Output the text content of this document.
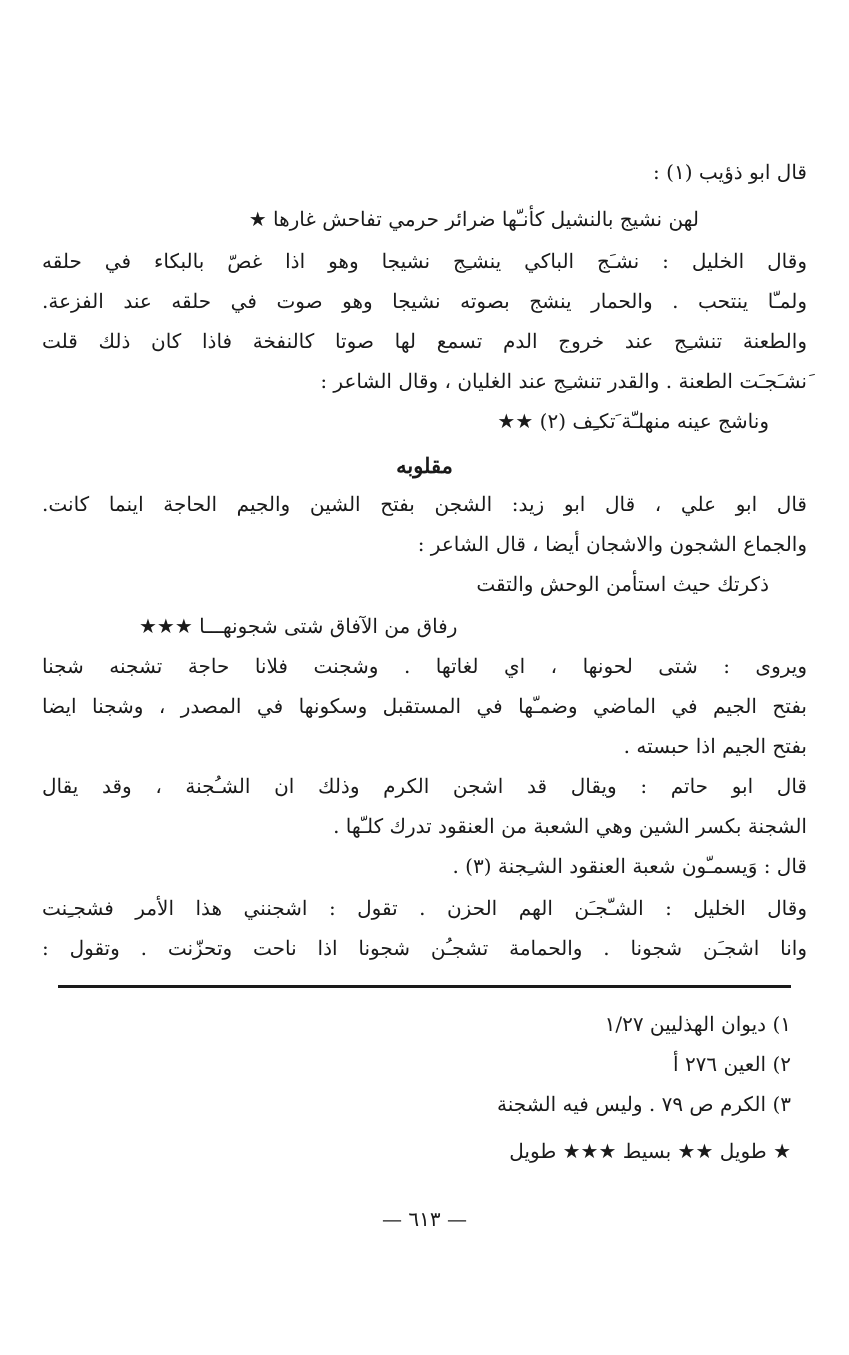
قال ابو ذؤيب (١) :
لهن نشيج بالنشيل كأنـّها ضرائر حرمي تفاحش غارها ★
وقال الخليل : نشـَج الباكي ينشـِج نشيجا وهو اذا غصّ بالبكاء في حلقه
ولمـّا ينتحب . والحمار ينشج بصوته نشيجا وهو صوت في حلقه عند الفزعة.
والطعنة تنشـِج عند خروج الدم تسمع لها صوتا كالنفخة فاذا كان ذلك قلت
َنشـَجـَت الطعنة . والقدر تنشـِج عند الغليان ، وقال الشاعر :
وناشج عينه منهلـّة َتكـِف (٢) ★★
مقلوبه
قال ابو علي ، قال ابو زيد: الشجن بفتح الشين والجيم الحاجة اينما كانت.
والجماع الشجون والاشجان أيضا ، قال الشاعر :
ذكرتك حيث استأمن الوحش والتقت
رفاق من الآفاق شتى شجونهـــا ★★★
ويروى : شتى لحونها ، اي لغاتها . وشجنت فلانا حاجة تشجنه شجنا
بفتح الجيم في الماضي وضمـّها في المستقبل وسكونها في المصدر ، وشجنا ايضا
بفتح الجيم اذا حبسته .
قال ابو حاتم : ويقال قد اشجن الكرم وذلك ان الشـُجنة ، وقد يقال
الشجنة بكسر الشين وهي الشعبة من العنقود تدرك كلـّها .
قال : وَيسمـّون شعبة العنقود الشـِجنة (٣) .
وقال الخليل : الشـّجـَن الهم الحزن . تقول : اشجنني هذا الأمر فشجـِنت
وانا اشجـَن شجونا . والحمامة تشجـُن شجونا اذا ناحت وتحزّنت . وتقول :
١) ديوان الهذليين ١/٢٧
٢) العين ٢٧٦ أ
٣) الكرم ص ٧٩ . وليس فيه الشجنة
★ طويل ★★ بسيط ★★★ طويل
— ٦١٣ —
